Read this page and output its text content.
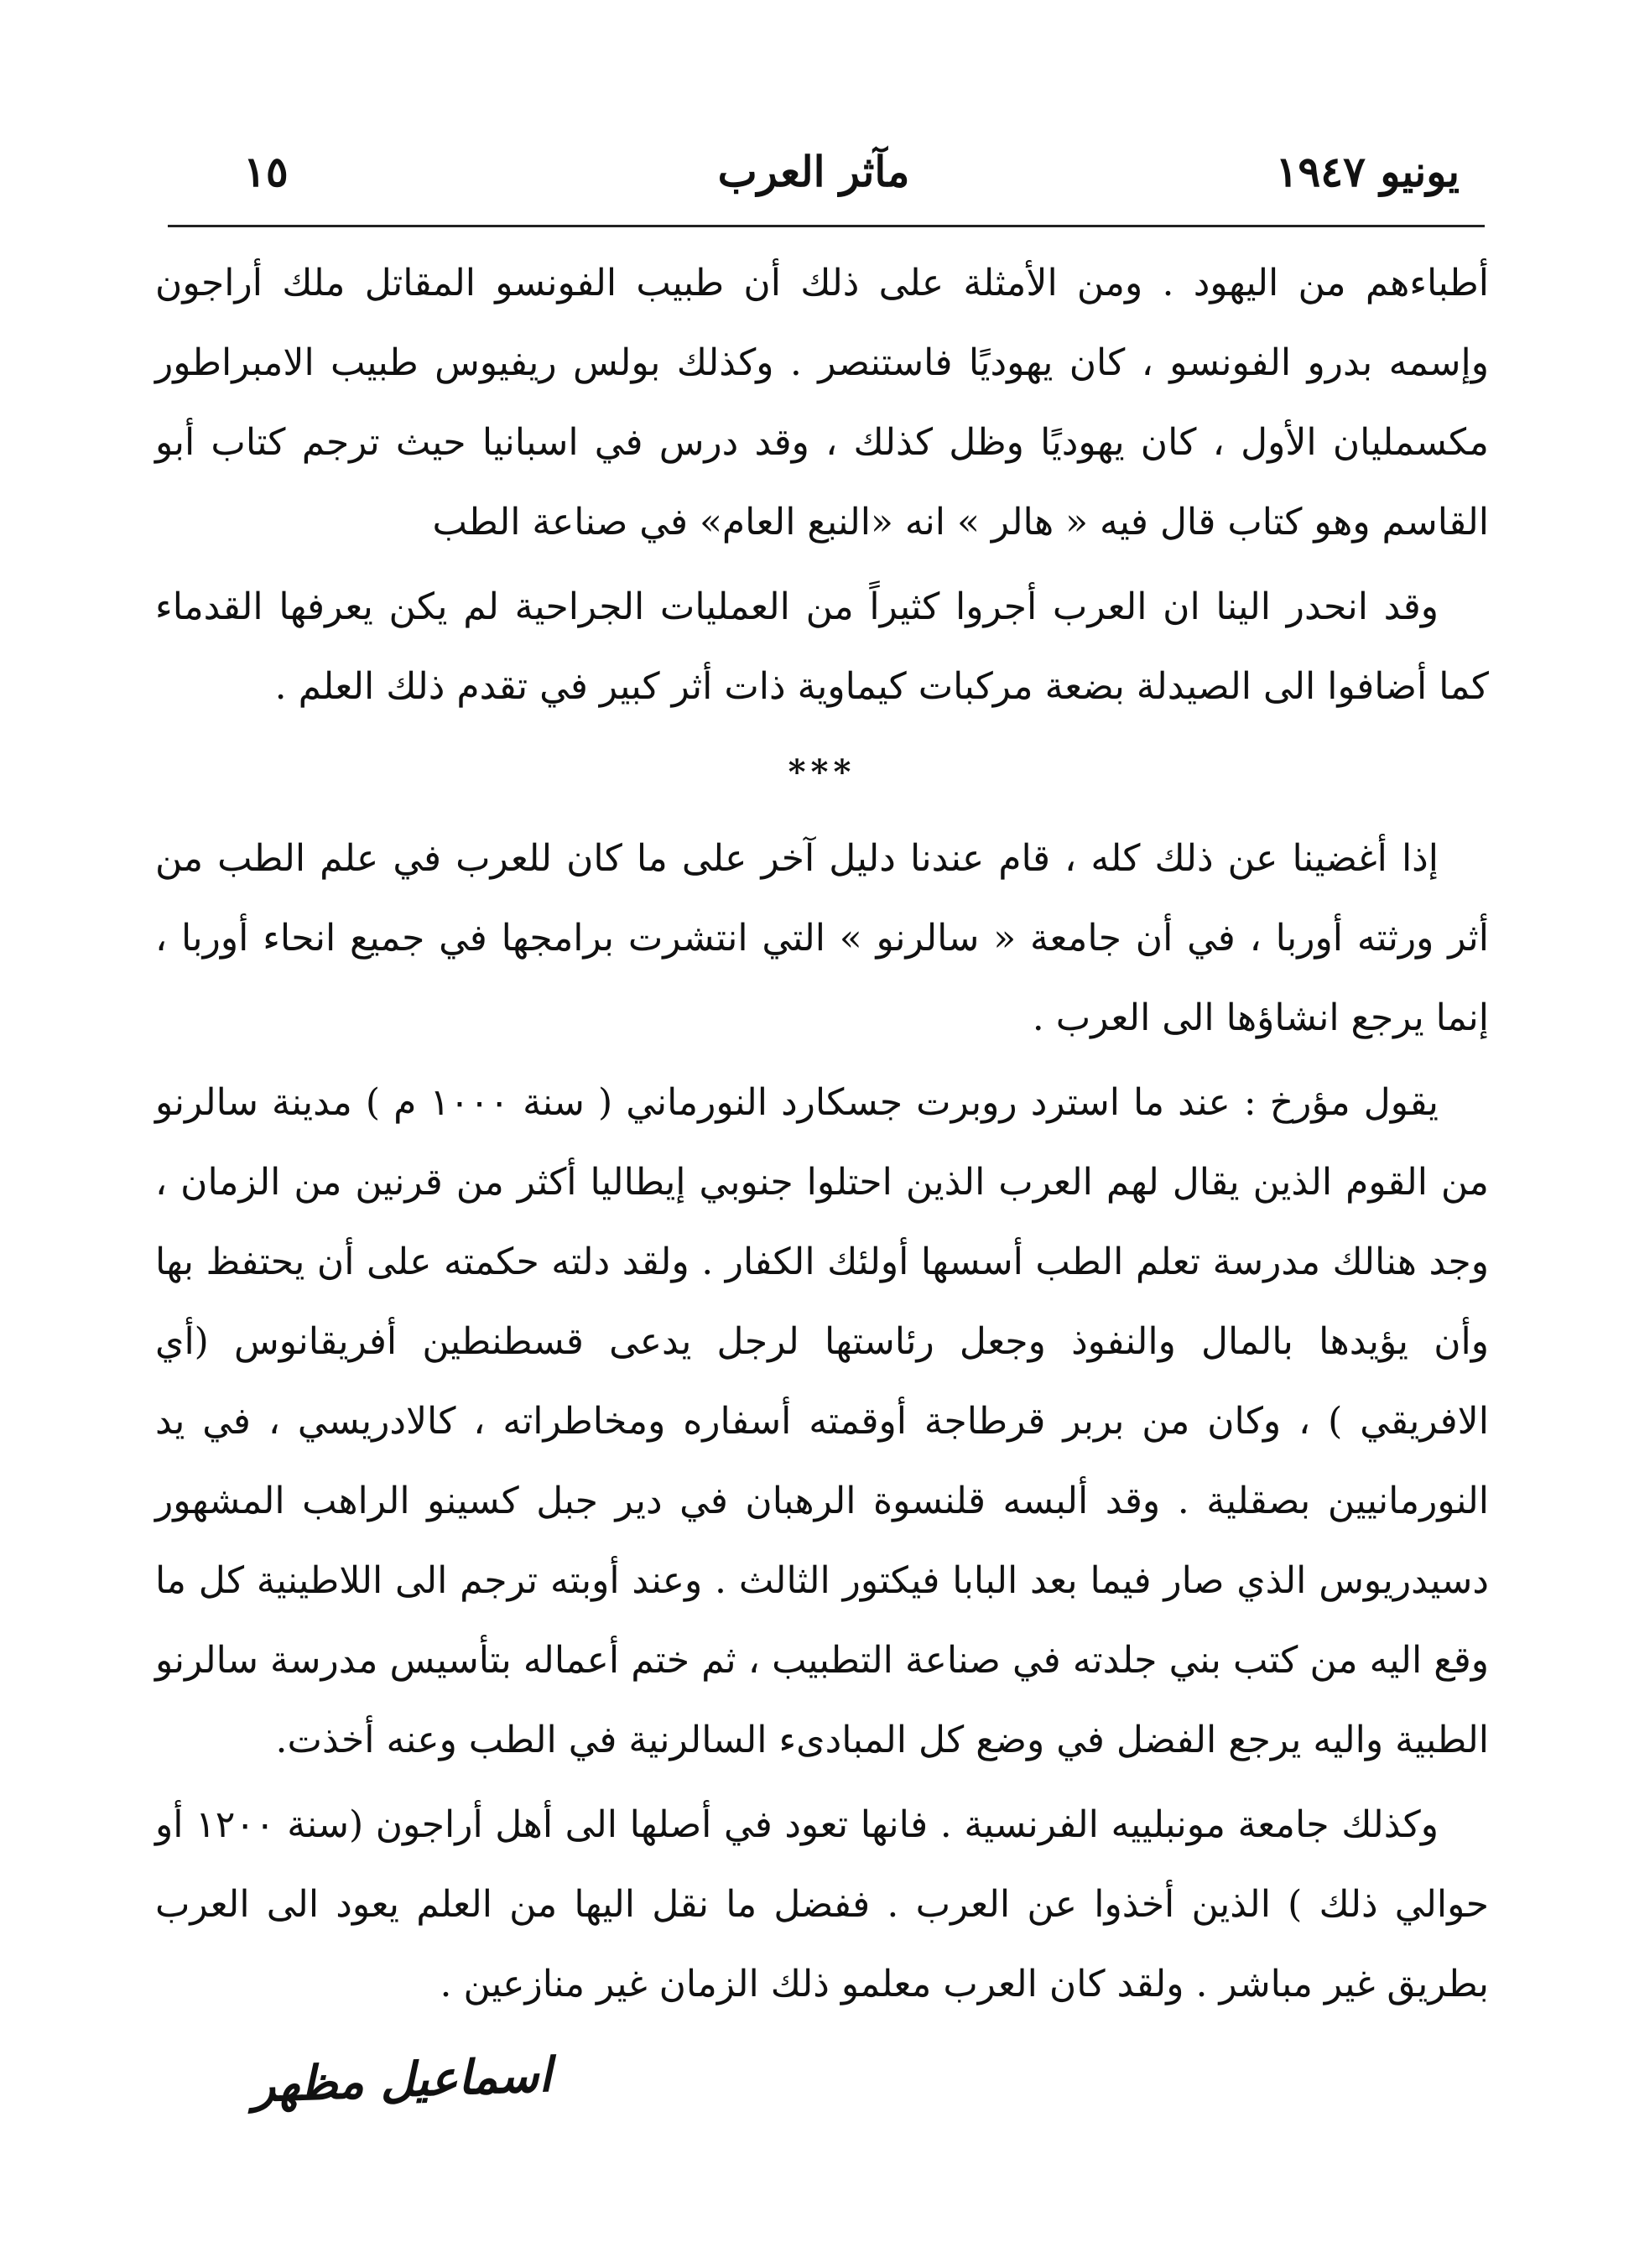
يونيو ١٩٤٧
مآثر العرب
١٥

أطباءهم من اليهود . ومن الأمثلة على ذلك أن طبيب الفونسو المقاتل ملك أراجون وإسمه بدرو الفونسو ، كان يهوديًا فاستنصر . وكذلك بولس ريفيوس طبيب الامبراطور مكسمليان الأول ، كان يهوديًا وظل كذلك ، وقد درس في اسبانيا حيث ترجم كتاب أبو القاسم وهو كتاب قال فيه « هالر » انه «النبع العام» في صناعة الطب

وقد انحدر الينا ان العرب أجروا كثيراً من العمليات الجراحية لم يكن يعرفها القدماء كما أضافوا الى الصيدلة بضعة مركبات كيماوية ذات أثر كبير في تقدم ذلك العلم .

***

إذا أغضينا عن ذلك كله ، قام عندنا دليل آخر على ما كان للعرب في علم الطب من أثر ورثته أوربا ، في أن جامعة « سالرنو » التي انتشرت برامجها في جميع انحاء أوربا ، إنما يرجع انشاؤها الى العرب .

يقول مؤرخ : عند ما استرد روبرت جسكارد النورماني ( سنة ١٠٠٠ م ) مدينة سالرنو من القوم الذين يقال لهم العرب الذين احتلوا جنوبي إيطاليا أكثر من قرنين من الزمان ، وجد هنالك مدرسة تعلم الطب أسسها أولئك الكفار . ولقد دلته حكمته على أن يحتفظ بها وأن يؤيدها بالمال والنفوذ وجعل رئاستها لرجل يدعى قسطنطين أفريقانوس (أي الافريقي ) ، وكان من بربر قرطاجة أوقمته أسفاره ومخاطراته ، كالادريسي ، في يد النورمانيين بصقلية . وقد ألبسه قلنسوة الرهبان في دير جبل كسينو الراهب المشهور دسيدريوس الذي صار فيما بعد البابا فيكتور الثالث . وعند أوبته ترجم الى اللاطينية كل ما وقع اليه من كتب بني جلدته في صناعة التطبيب ، ثم ختم أعماله بتأسيس مدرسة سالرنو الطبية واليه يرجع الفضل في وضع كل المبادىء السالرنية في الطب وعنه أخذت.

وكذلك جامعة مونبلييه الفرنسية . فانها تعود في أصلها الى أهل أراجون (سنة ١٢٠٠ أو حوالي ذلك ) الذين أخذوا عن العرب . ففضل ما نقل اليها من العلم يعود الى العرب بطريق غير مباشر . ولقد كان العرب معلمو ذلك الزمان غير منازعين .

اسماعيل مظهر
